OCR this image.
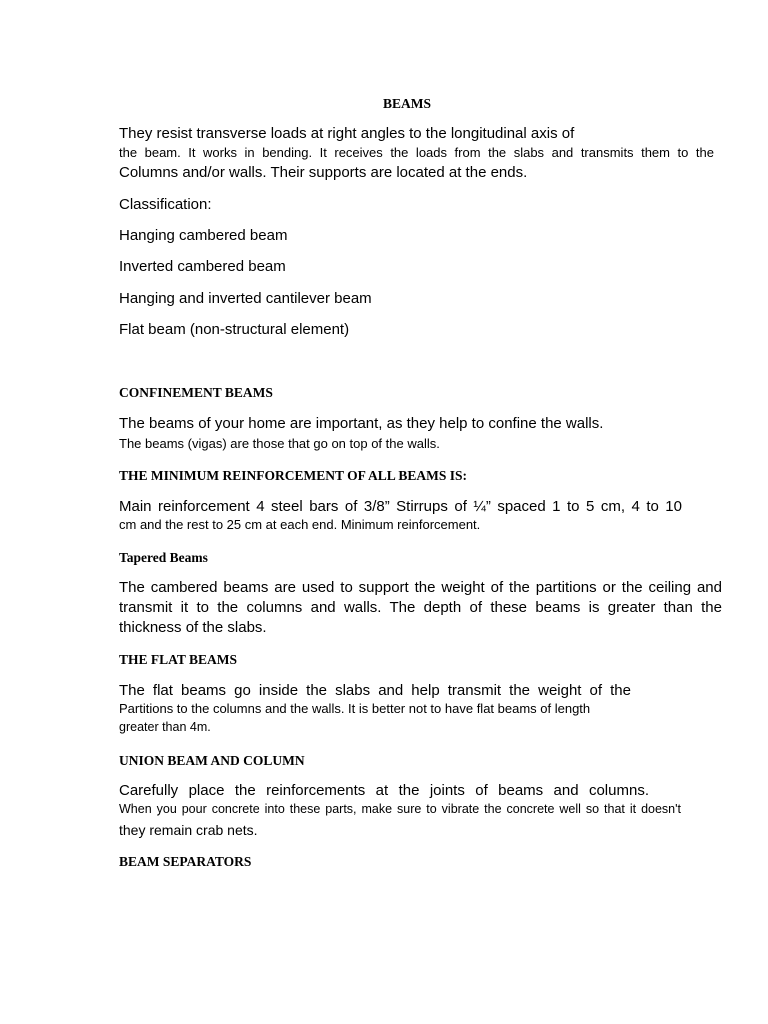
BEAMS
They resist transverse loads at right angles to the longitudinal axis of
the beam. It works in bending. It receives the loads from the slabs and transmits them to the
Columns and/or walls. Their supports are located at the ends.
Classification:
Hanging cambered beam
Inverted cambered beam
Hanging and inverted cantilever beam
Flat beam (non-structural element)
CONFINEMENT BEAMS
The beams of your home are important, as they help to confine the walls.
The beams (vigas) are those that go on top of the walls.
THE MINIMUM REINFORCEMENT OF ALL BEAMS IS:
Main reinforcement 4 steel bars of 3/8” Stirrups of ¼” spaced 1 to 5 cm, 4 to 10
cm and the rest to 25 cm at each end. Minimum reinforcement.
Tapered Beams
The cambered beams are used to support the weight of the partitions or the ceiling and transmit it to the columns and walls. The depth of these beams is greater than the thickness of the slabs.
THE FLAT BEAMS
The flat beams go inside the slabs and help transmit the weight of the
Partitions to the columns and the walls. It is better not to have flat beams of length
greater than 4m.
UNION BEAM AND COLUMN
Carefully place the reinforcements at the joints of beams and columns.
When you pour concrete into these parts, make sure to vibrate the concrete well so that it doesn't
they remain crab nets.
BEAM SEPARATORS
